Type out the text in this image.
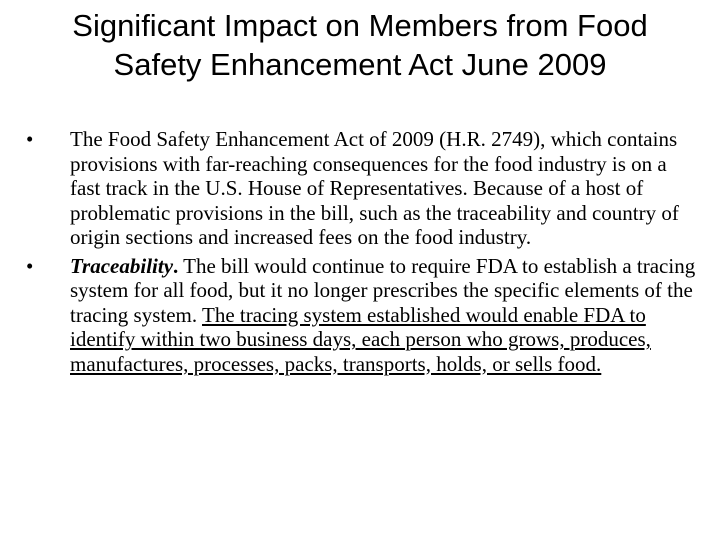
Significant Impact on Members from Food Safety Enhancement Act June 2009
•	The Food Safety Enhancement Act of 2009 (H.R. 2749), which contains provisions with far-reaching consequences for the food industry is on a fast track in the U.S. House of Representatives. Because of a host of problematic provisions in the bill, such as the traceability and country of origin sections and increased fees on the food industry.
•	Traceability. The bill would continue to require FDA to establish a tracing system for all food, but it no longer prescribes the specific elements of the tracing system. The tracing system established would enable FDA to identify within two business days, each person who grows, produces, manufactures, processes, packs, transports, holds, or sells food.
